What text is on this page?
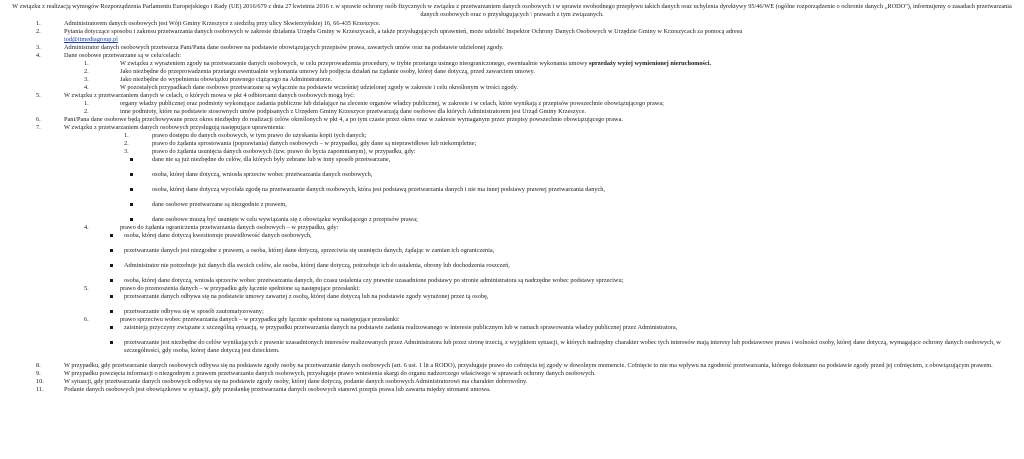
W związku z realizacją wymogów Rozporządzenia Parlamentu Europejskiego i Rady (UE) 2016/679 z dnia 27 kwietnia 2016 r. w sprawie ochrony osób fizycznych w związku z przetwarzaniem danych osobowych i w sprawie swobodnego przepływu takich danych oraz uchylenia dyrektywy 95/46/WE (ogólne rozporządzenie o ochronie danych „RODO"), informujemy o zasadach przetwarzania danych osobowych oraz o przysługujących \ prawach z tym związanych.
1.	Administratorem danych osobowych jest Wójt Gminy Krzeszyce z siedzibą przy ulicy Skwierzyńskiej 16, 66-435 Krzeszyce.
2.	Pytania dotyczące sposobu i zakresu przetwarzania danych osobowych w zakresie działania Urzędu Gminy w Krzeszycach, a także przysługujących uprawnień, może udzielić Inspektor Ochrony Danych Osobowych w Urzędzie Gminy w Krzeszycach za pomocą adresu
iod@itmediagroup.pl
3.	Administrator danych osobowych przetwarza Pani/Pana dane osobowe na podstawie obowiązujących przepisów prawa, zawartych umów oraz na podstawie udzielonej zgody.
4.	Dane osobowe przetwarzane są w celu/celach:
1.	W związku z wyrażeniem zgody na przetwarzanie danych osobowych, w celu przeprowadzenia procedury, w trybie przetargu ustnego nieograniczonego, ewentualnie wykonania umowy sprzedaży wyżej wymienionej nieruchomości.
2.	Jako niezbędne do przeprowadzenia przetargu ewentualnie wykonania umowy lub podjęcia działań na żądanie osoby, której dane dotyczą, przed zawarciem umowy.
3.	Jako niezbędne do wypełnienia obowiązku prawnego ciążącego na Administratorze.
4.	W pozostałych przypadkach dane osobowe przetwarzane są wyłącznie na podstawie wcześniej udzielonej zgody w zakresie i celu określonym w treści zgody.
5.	W związku z przetwarzaniem danych w celach, o których mowa w pkt 4 odbiorcami danych osobowych mogą być:
1.	organy władzy publicznej oraz podmioty wykonujące zadania publiczne lub działające na zlecenie organów władzy publicznej, w zakresie i w celach, które wynikają z przepisów powszechnie obowiązującego prawa;
2.	inne podmioty, które na podstawie stosownych umów podpisanych z Urzędem Gminy Krzeszyce przetwarzają dane osobowe dla których Administratorem jest Urząd Gminy Krzeszyce.
6.	Pani/Pana dane osobowe będą przechowywane przez okres niezbędny do realizacji celów określonych w pkt 4, a po tym czasie przez okres oraz w zakresie wymaganym przez przepisy powszechnie obowiązującego prawa.
7.	W związku z przetwarzaniem danych osobowych przysługują następujące uprawnienia:
1.	prawo dostępu do danych osobowych, w tym prawo do uzyskania kopii tych danych;
2.	prawo do żądania sprostowania (poprawiania) danych osobowych – w przypadku, gdy dane są nieprawidłowe lub niekompletne;
3.	prawo do żądania usunięcia danych osobowych (tzw. prawo do bycia zapomnianym), w przypadku, gdy:
dane nie są już niezbędne do celów, dla których były zebrane lub w inny sposób przetwarzane,
osoba, której dane dotyczą, wniosła sprzeciw wobec przetwarzania danych osobowych,
osoba, której dane dotyczą wycofała zgodę na przetwarzanie danych osobowych, która jest podstawą przetwarzania danych i nie ma innej podstawy prawnej przetwarzania danych,
dane osobowe przetwarzane są niezgodnie z prawem,
dane osobowe muszą być usunięte w celu wywiązania się z obowiązku wynikającego z przepisów prawa;
4.	prawo do żądania ograniczenia przetwarzania danych osobowych – w przypadku, gdy:
osoba, której dane dotyczą kwestionuje prawidłowość danych osobowych,
przetwarzanie danych jest niezgodne z prawem, a osoba, której dane dotyczą, sprzeciwia się usunięciu danych, żądając w zamian ich ograniczenia,
Administrator nie potrzebuje już danych dla swoich celów, ale osoba, której dane dotyczą, potrzebuje ich do ustalenia, obrony lub dochodzenia roszczeń,
osoba, której dane dotyczą, wniosła sprzeciw wobec przetwarzania danych, do czasu ustalenia czy prawnie uzasadnione podstawy po stronie administratora są nadrzędne wobec podstawy sprzeciwu;
5.	prawo do przenoszenia danych – w przypadku gdy łącznie spełnione są następujące przesłanki:
przetwarzanie danych odbywa się na podstawie umowy zawartej z osobą, której dane dotyczą lub na podstawie zgody wyrażonej przez tą osobę,
przetwarzanie odbywa się w sposób zautomatyzowany;
6.	prawo sprzeciwu wobec przetwarzania danych – w przypadku gdy łącznie spełnione są następujące przesłanki:
zaistnieją przyczyny związane z szczególną sytuacją, w przypadku przetwarzania danych na podstawie zadania realizowanego w interesie publicznym lub w ramach sprawowania władzy publicznej przez Administratora,
przetwarzanie jest niezbędne do celów wynikających z prawnie uzasadnionych interesów realizowanych przez Administratora lub przez stronę trzecią, z wyjątkiem sytuacji, w których nadrzędny charakter wobec tych interesów mają interesy lub podstawowe prawa i wolności osoby, której dane dotyczą, wymagające ochrony danych osobowych, w szczególności, gdy osoba, której dane dotyczą jest dzieckiem.
8.	W przypadku, gdy przetwarzanie danych osobowych odbywa się na podstawie zgody osoby na przetwarzanie danych osobowych (art. 6 ust. 1 lit a RODO), przysługuje prawo do cofnięcia tej zgody w dowolnym momencie. Cofnięcie to nie ma wpływu na zgodność przetwarzania, którego dokonano na podstawie zgody przed jej cofnięciem, z obowiązującym prawem.
9.	W przypadku powzięcia informacji o niezgodnym z prawem przetwarzaniu danych osobowych, przysługuje prawo wniesienia skargi do organu nadzorczego właściwego w sprawach ochrony danych osobowych.
10.	W sytuacji, gdy przetwarzanie danych osobowych odbywa się na podstawie zgody osoby, której dane dotyczą, podanie danych osobowych Administratorowi ma charakter dobrowolny.
11.	Podanie danych osobowych jest obowiązkowe w sytuacji, gdy przesłankę przetwarzania danych osobowych stanowi przepis prawa lub zawarta między stronami umowa.
